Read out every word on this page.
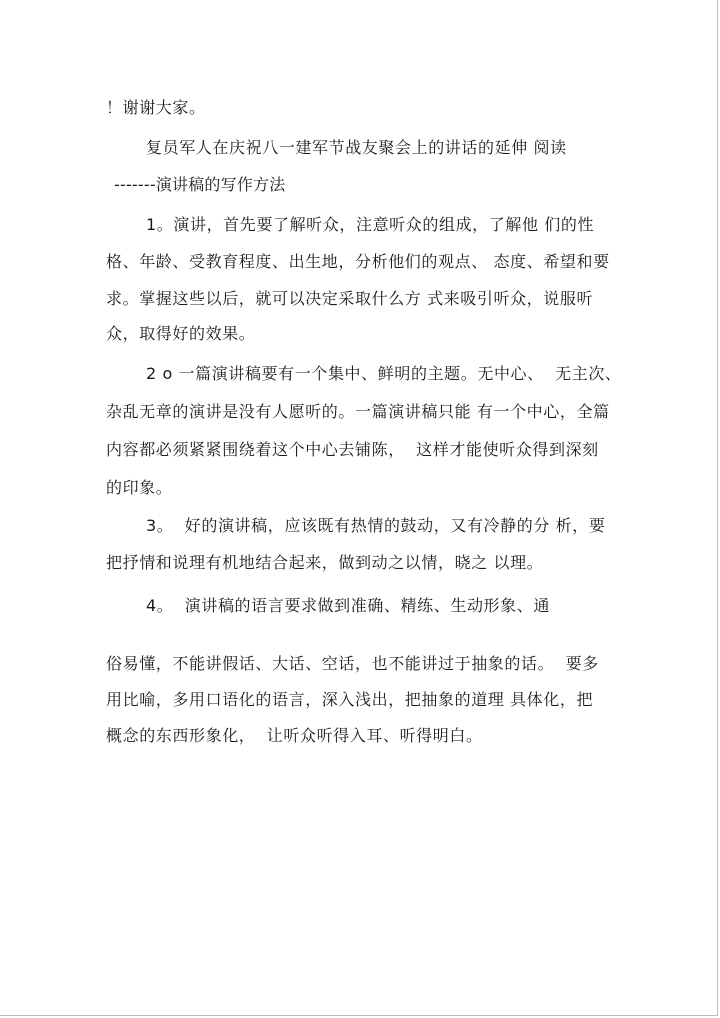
！谢谢大家。

复员军人在庆祝八一建军节战友聚会上的讲话的延伸 阅读

-------演讲稿的写作方法

1。演讲，首先要了解听众，注意听众的组成，了解他 们的性

格、年龄、受教育程度、出生地，分析他们的观点、 态度、希望和要

求。掌握这些以后，就可以决定采取什么方 式来吸引听众，说服听

众，取得好的效果。

2 o 一篇演讲稿要有一个集中、鲜明的主题。无中心、  无主次、

杂乱无章的演讲是没有人愿听的。一篇演讲稿只能 有一个中心，全篇

内容都必须紧紧围绕着这个中心去铺陈，  这样才能使听众得到深刻

的印象。

3。  好的演讲稿，应该既有热情的鼓动，又有冷静的分 析，要

把抒情和说理有机地结合起来，做到动之以情，晓之 以理。

4。  演讲稿的语言要求做到准确、精练、生动形象、通

俗易懂，不能讲假话、大话、空话，也不能讲过于抽象的话。  要多

用比喻，多用口语化的语言，深入浅出，把抽象的道理 具体化，把

概念的东西形象化，  让听众听得入耳、听得明白。
